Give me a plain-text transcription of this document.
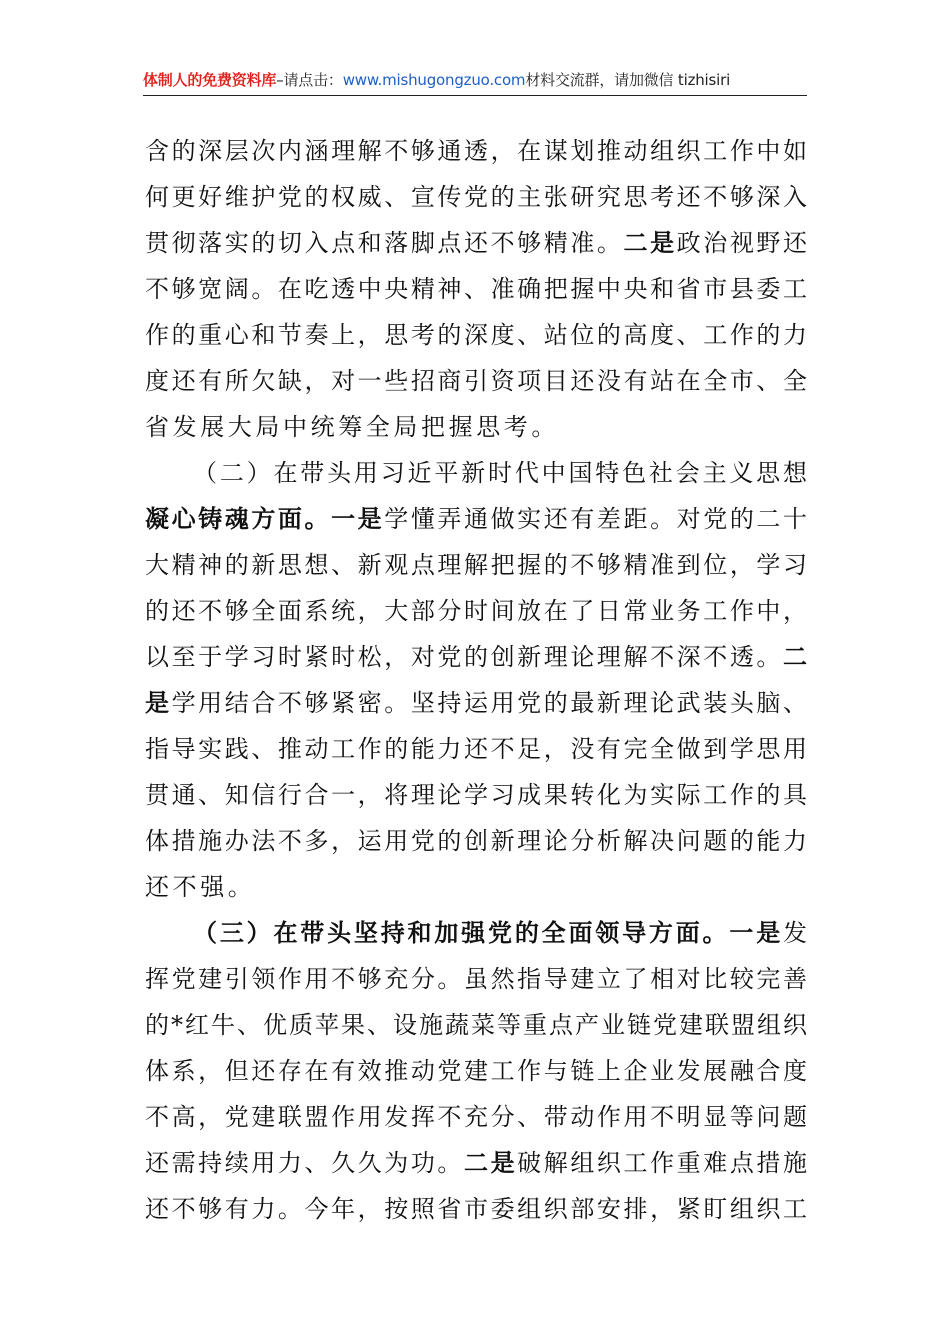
体制人的免费资料库–请点击：www.mishugongzuo.com材料交流群，请加微信 tizhisiri
含的深层次内涵理解不够通透，在谋划推动组织工作中如
何更好维护党的权威、宣传党的主张研究思考还不够深入
贯彻落实的切入点和落脚点还不够精准。二是政治视野还
不够宽阔。在吃透中央精神、准确把握中央和省市县委工
作的重心和节奏上，思考的深度、站位的高度、工作的力
度还有所欠缺，对一些招商引资项目还没有站在全市、全
省发展大局中统筹全局把握思考。
（二）在带头用习近平新时代中国特色社会主义思想
凝心铸魂方面。一是学懂弄通做实还有差距。对党的二十
大精神的新思想、新观点理解把握的不够精准到位，学习
的还不够全面系统，大部分时间放在了日常业务工作中，
以至于学习时紧时松，对党的创新理论理解不深不透。二
是学用结合不够紧密。坚持运用党的最新理论武装头脑、
指导实践、推动工作的能力还不足，没有完全做到学思用
贯通、知信行合一，将理论学习成果转化为实际工作的具
体措施办法不多，运用党的创新理论分析解决问题的能力
还不强。
（三）在带头坚持和加强党的全面领导方面。一是发
挥党建引领作用不够充分。虽然指导建立了相对比较完善
的*红牛、优质苹果、设施蔬菜等重点产业链党建联盟组织
体系，但还存在有效推动党建工作与链上企业发展融合度
不高，党建联盟作用发挥不充分、带动作用不明显等问题
还需持续用力、久久为功。二是破解组织工作重难点措施
还不够有力。今年，按照省市委组织部安排，紧盯组织工
